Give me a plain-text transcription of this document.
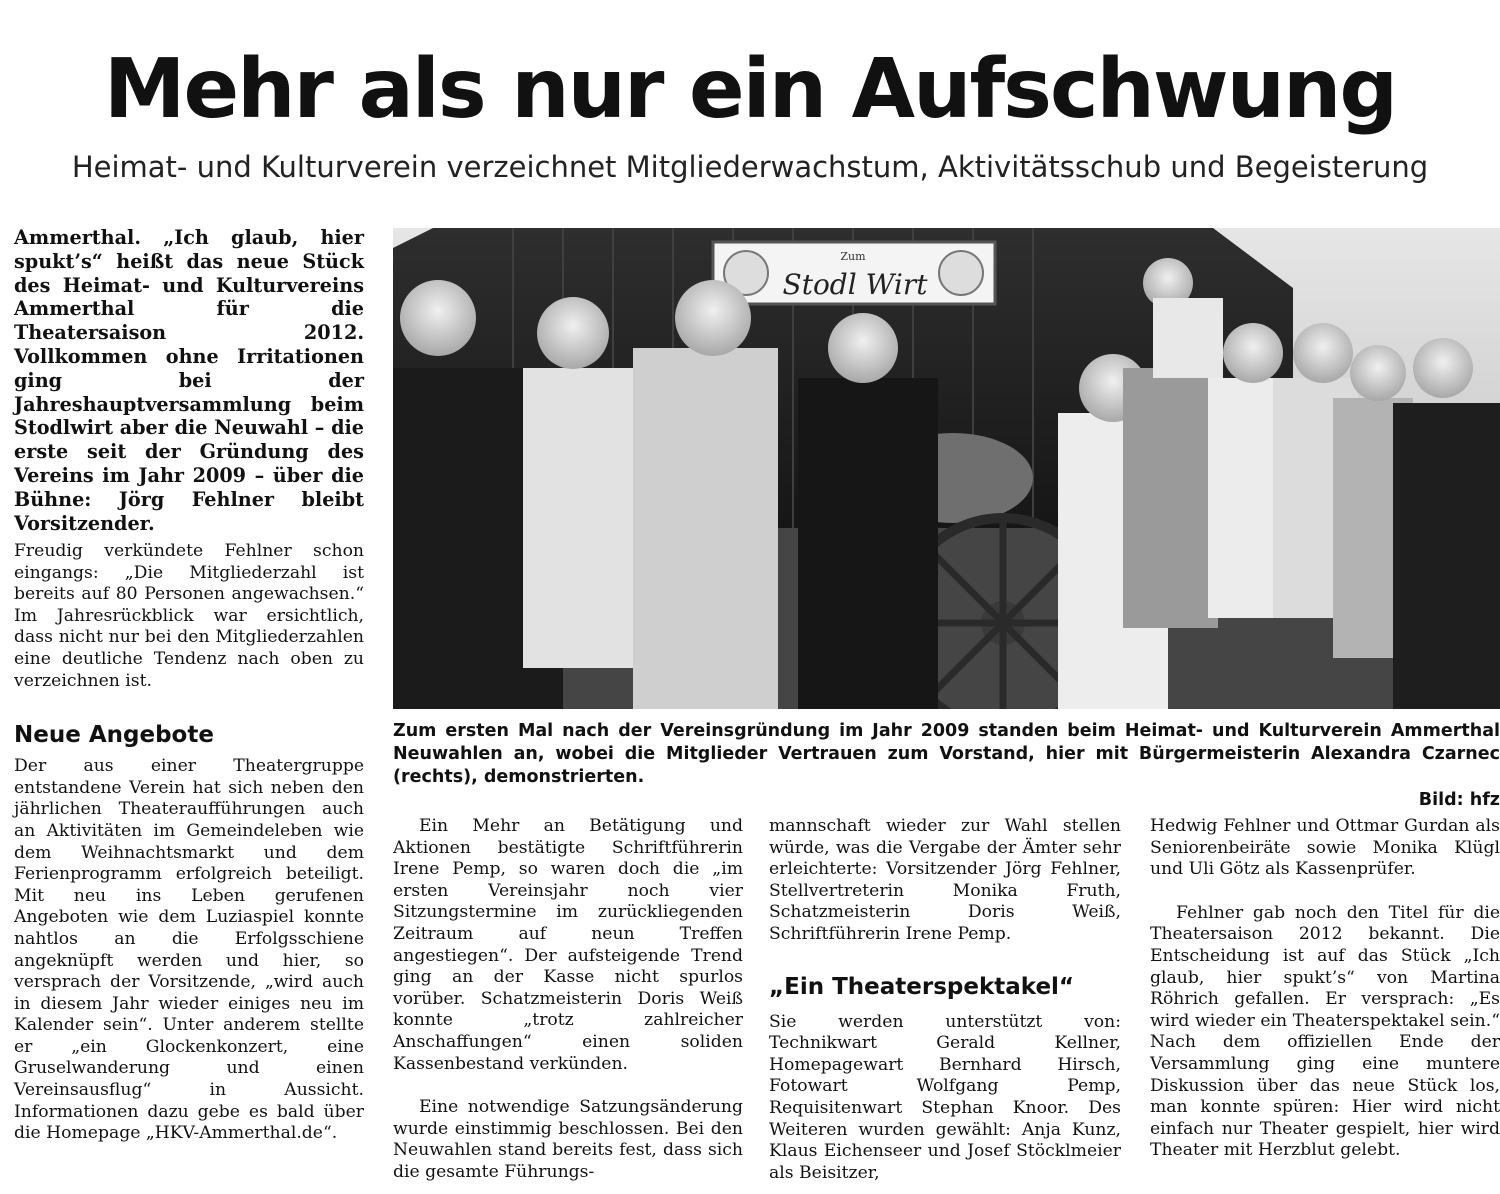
Mehr als nur ein Aufschwung
Heimat- und Kulturverein verzeichnet Mitgliederwachstum, Aktivitätsschub und Begeisterung

Ammerthal. „Ich glaub, hier spukt’s“ heißt das neue Stück des Heimat- und Kulturvereins Ammerthal für die Theatersaison 2012. Vollkommen ohne Irritationen ging bei der Jahreshauptversammlung beim Stodlwirt aber die Neuwahl – die erste seit der Gründung des Vereins im Jahr 2009 – über die Bühne: Jörg Fehlner bleibt Vorsitzender.

Freudig verkündete Fehlner schon eingangs: „Die Mitgliederzahl ist bereits auf 80 Personen angewachsen.“ Im Jahresrückblick war ersichtlich, dass nicht nur bei den Mitgliederzahlen eine deutliche Tendenz nach oben zu verzeichnen ist.

Neue Angebote

Der aus einer Theatergruppe entstandene Verein hat sich neben den jährlichen Theateraufführungen auch an Aktivitäten im Gemeindeleben wie dem Weihnachtsmarkt und dem Ferienprogramm erfolgreich beteiligt. Mit neu ins Leben gerufenen Angeboten wie dem Luziaspiel konnte nahtlos an die Erfolgsschiene angeknüpft werden und hier, so versprach der Vorsitzende, „wird auch in diesem Jahr wieder einiges neu im Kalender sein“. Unter anderem stellte er „ein Glockenkonzert, eine Gruselwanderung und einen Vereinsausflug“ in Aussicht. Informationen dazu gebe es bald über die Homepage „HKV-Ammerthal.de“.

Zum
Stodl Wirt
Zum ersten Mal nach der Vereinsgründung im Jahr 2009 standen beim Heimat- und Kulturverein Ammerthal Neuwahlen an, wobei die Mitglieder Vertrauen zum Vorstand, hier mit Bürgermeisterin Alexandra Czarnec (rechts), demonstrierten.
Bild: hfz

Ein Mehr an Betätigung und Aktionen bestätigte Schriftführerin Irene Pemp, so waren doch die „im ersten Vereinsjahr noch vier Sitzungstermine im zurückliegenden Zeitraum auf neun Treffen angestiegen“. Der aufsteigende Trend ging an der Kasse nicht spurlos vorüber. Schatzmeisterin Doris Weiß konnte „trotz zahlreicher Anschaffungen“ einen soliden Kassenbestand verkünden.

Eine notwendige Satzungsänderung wurde einstimmig beschlossen. Bei den Neuwahlen stand bereits fest, dass sich die gesamte Führungs-

mannschaft wieder zur Wahl stellen würde, was die Vergabe der Ämter sehr erleichterte: Vorsitzender Jörg Fehlner, Stellvertreterin Monika Fruth, Schatzmeisterin Doris Weiß, Schriftführerin Irene Pemp.

„Ein Theaterspektakel“

Sie werden unterstützt von: Technikwart Gerald Kellner, Homepagewart Bernhard Hirsch, Fotowart Wolfgang Pemp, Requisitenwart Stephan Knoor. Des Weiteren wurden gewählt: Anja Kunz, Klaus Eichenseer und Josef Stöcklmeier als Beisitzer,

Hedwig Fehlner und Ottmar Gurdan als Seniorenbeiräte sowie Monika Klügl und Uli Götz als Kassenprüfer.

Fehlner gab noch den Titel für die Theatersaison 2012 bekannt. Die Entscheidung ist auf das Stück „Ich glaub, hier spukt’s“ von Martina Röhrich gefallen. Er versprach: „Es wird wieder ein Theaterspektakel sein.“ Nach dem offiziellen Ende der Versammlung ging eine muntere Diskussion über das neue Stück los, man konnte spüren: Hier wird nicht einfach nur Theater gespielt, hier wird Theater mit Herzblut gelebt.
